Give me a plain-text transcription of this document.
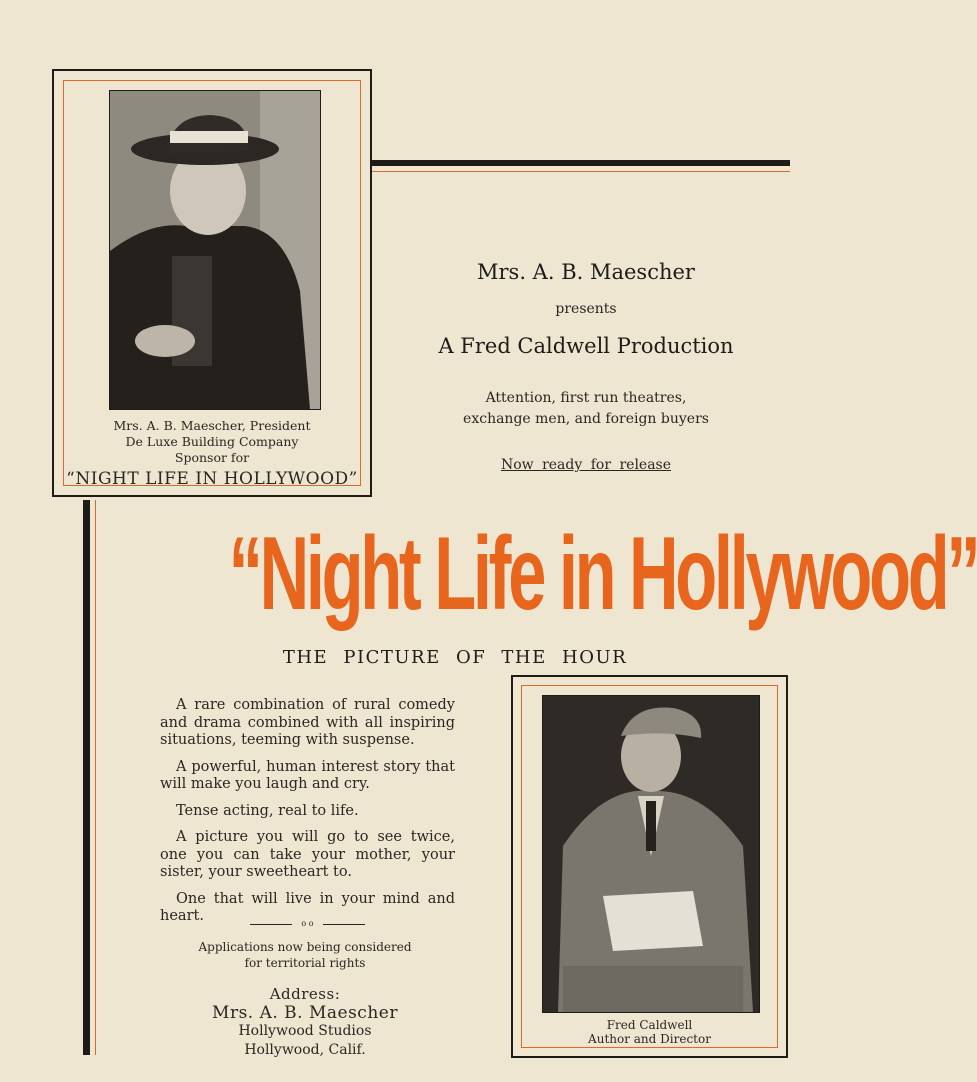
Mrs. A. B. Maescher, President
De Luxe Building Company
Sponsor for
“NIGHT LIFE IN HOLLYWOOD”
Mrs. A. B. Maescher
presents
A Fred Caldwell Production
Attention, first run theatres,
exchange men, and foreign buyers
Now ready for release
“Night Life in Hollywood”
THE PICTURE OF THE HOUR

A rare combination of rural comedy and drama combined with all inspiring situations, teeming with suspense.

A powerful, human interest story that will make you laugh and cry.

Tense acting, real to life.

A picture you will go to see twice, one you can take your mother, your sister, your sweetheart to.

One that will live in your mind and heart.	o o
Applications now being considered
for territorial rights
Address:
Mrs. A. B. Maescher
Hollywood Studios
Hollywood, Calif.
Fred Caldwell
Author and Director
